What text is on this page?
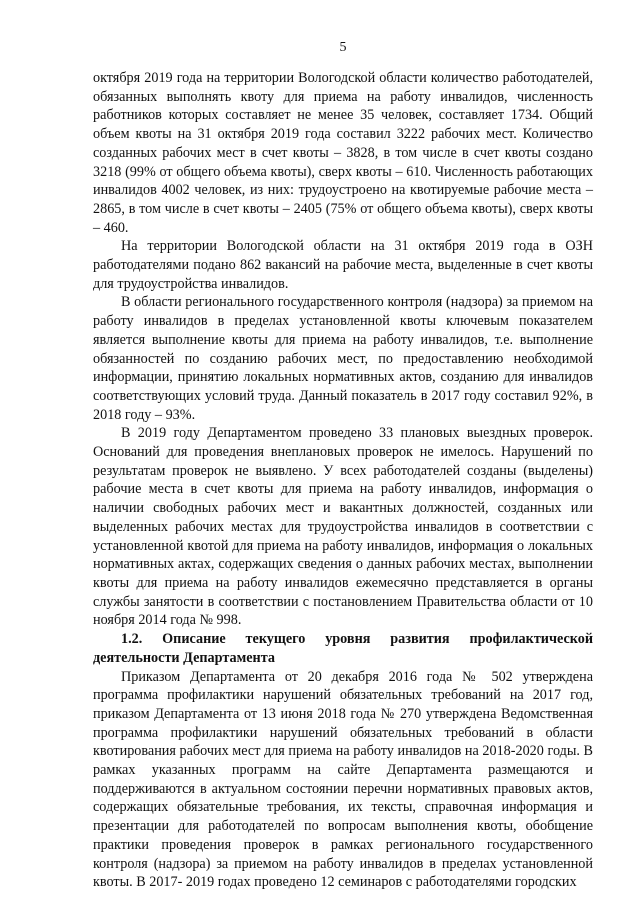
5

октября 2019 года на территории Вологодской области количество работодателей, обязанных выполнять квоту для приема на работу инвалидов, численность работников которых составляет не менее 35 человек, составляет 1734. Общий объем квоты на 31 октября 2019 года составил 3222 рабочих мест. Количество созданных рабочих мест в счет квоты – 3828, в том числе в счет квоты создано 3218 (99% от общего объема квоты), сверх квоты – 610. Численность работающих инвалидов 4002 человек, из них: трудоустроено на квотируемые рабочие места – 2865, в том числе в счет квоты – 2405 (75% от общего объема квоты), сверх квоты – 460.

На территории Вологодской области на 31 октября 2019 года в ОЗН работодателями подано 862 вакансий на рабочие места, выделенные в счет квоты для трудоустройства инвалидов.

В области регионального государственного контроля (надзора) за приемом на работу инвалидов в пределах установленной квоты ключевым показателем является выполнение квоты для приема на работу инвалидов, т.е. выполнение обязанностей по созданию рабочих мест, по предоставлению необходимой информации, принятию локальных нормативных актов, созданию для инвалидов соответствующих условий труда. Данный показатель в 2017 году составил 92%, в 2018 году – 93%.

В 2019 году Департаментом проведено 33 плановых выездных проверок. Оснований для проведения внеплановых проверок не имелось. Нарушений по результатам проверок не выявлено. У всех работодателей созданы (выделены) рабочие места в счет квоты для приема на работу инвалидов, информация о наличии свободных рабочих мест и вакантных должностей, созданных или выделенных рабочих местах для трудоустройства инвалидов в соответствии с установленной квотой для приема на работу инвалидов, информация о локальных нормативных актах, содержащих сведения о данных рабочих местах, выполнении квоты для приема на работу инвалидов ежемесячно представляется в органы службы занятости в соответствии с постановлением Правительства области от 10 ноября 2014 года № 998.

1.2. Описание текущего уровня развития профилактической деятельности Департамента

Приказом Департамента от 20 декабря 2016 года № 502 утверждена программа профилактики нарушений обязательных требований на 2017 год, приказом Департамента от 13 июня 2018 года № 270 утверждена Ведомственная программа профилактики нарушений обязательных требований в области квотирования рабочих мест для приема на работу инвалидов на 2018-2020 годы. В рамках указанных программ на сайте Департамента размещаются и поддерживаются в актуальном состоянии перечни нормативных правовых актов, содержащих обязательные требования, их тексты, справочная информация и презентации для работодателей по вопросам выполнения квоты, обобщение практики проведения проверок в рамках регионального государственного контроля (надзора) за приемом на работу инвалидов в пределах установленной квоты. В 2017- 2019 годах проведено 12 семинаров с работодателями городских
